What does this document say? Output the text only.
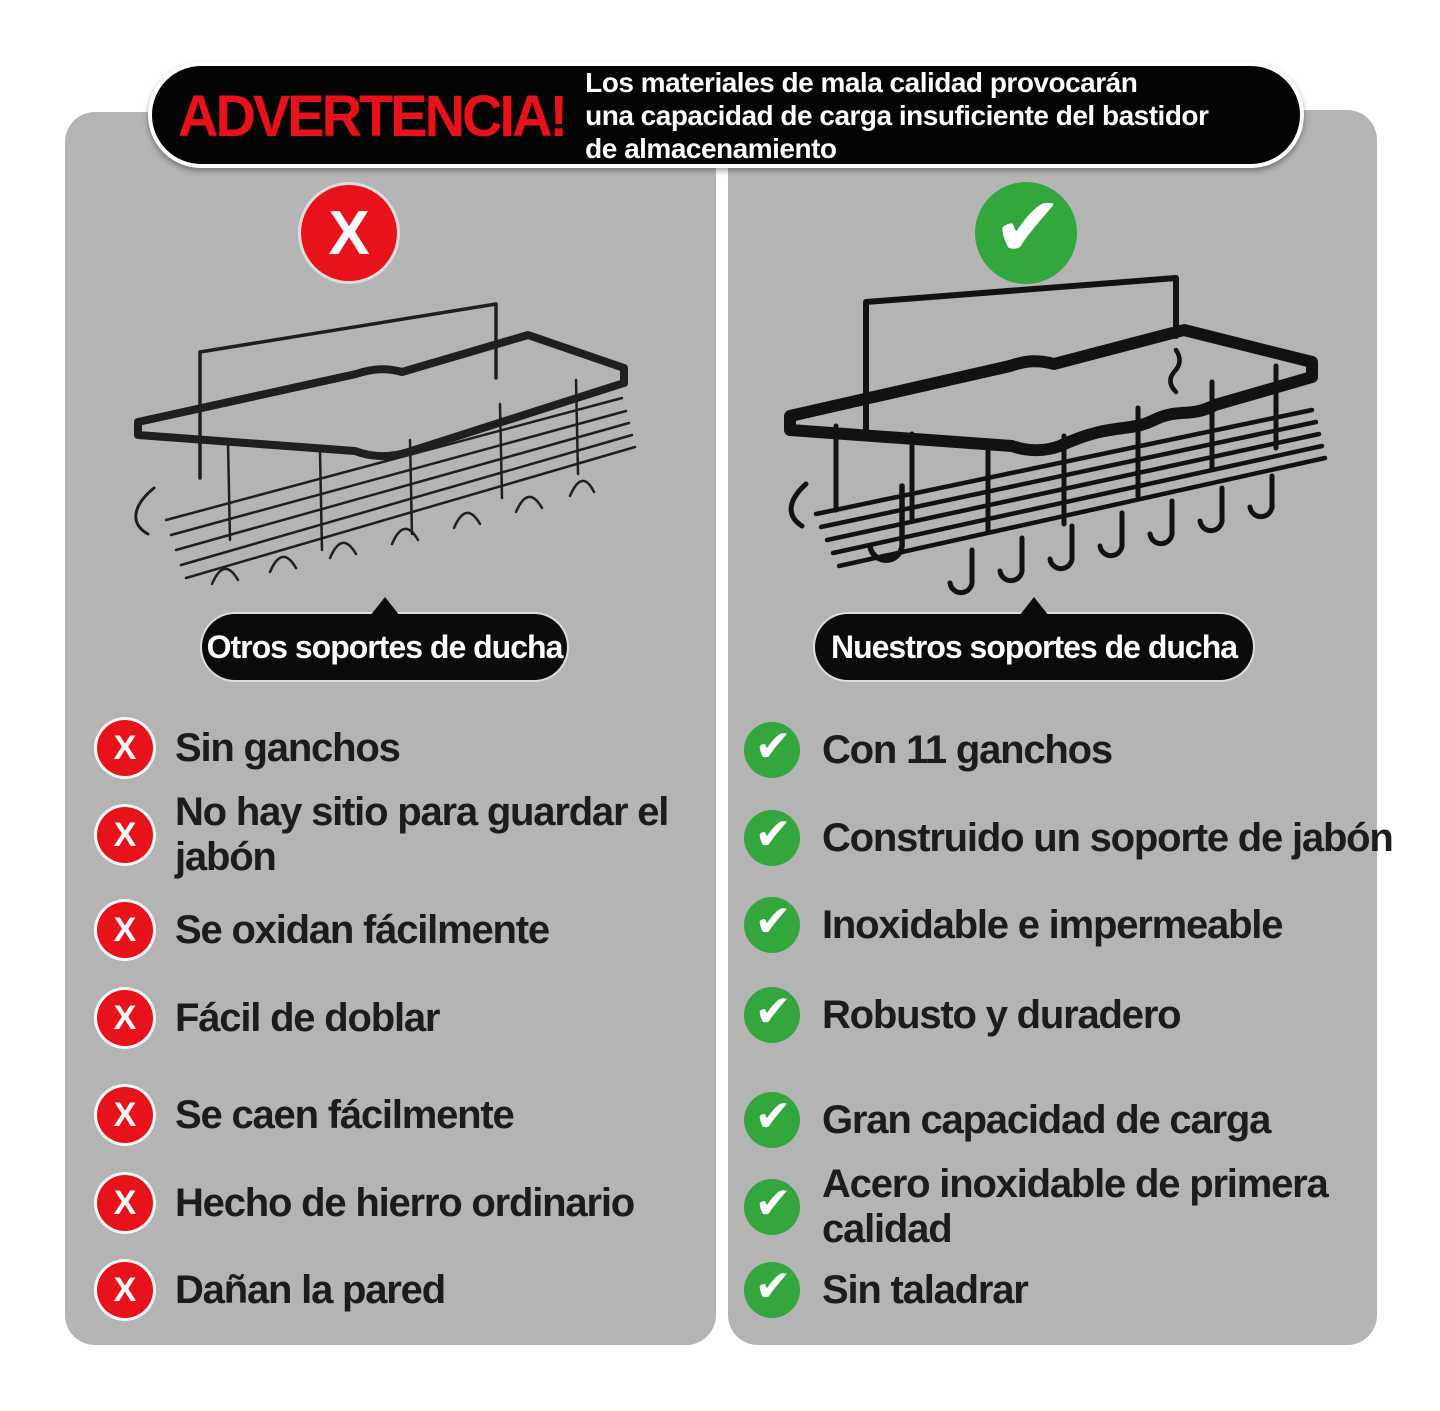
ADVERTENCIA! Los materiales de mala calidad provocarán
una capacidad de carga insuficiente del bastidor
de almacenamiento
X	✔
Otros soportes de ducha	Nuestros soportes de ducha
X Sin ganchos
X
No hay sitio para guardar el jabón
X Se oxidan fácilmente
X Fácil de doblar
X Se caen fácilmente
X Hecho de hierro ordinario
X Dañan la pared
✔ Con 11 ganchos
✔ Construido un soporte de jabón
✔ Inoxidable e impermeable
✔ Robusto y duradero
✔ Gran capacidad de carga
✔ Acero inoxidable de primera calidad
✔ Sin taladrar
